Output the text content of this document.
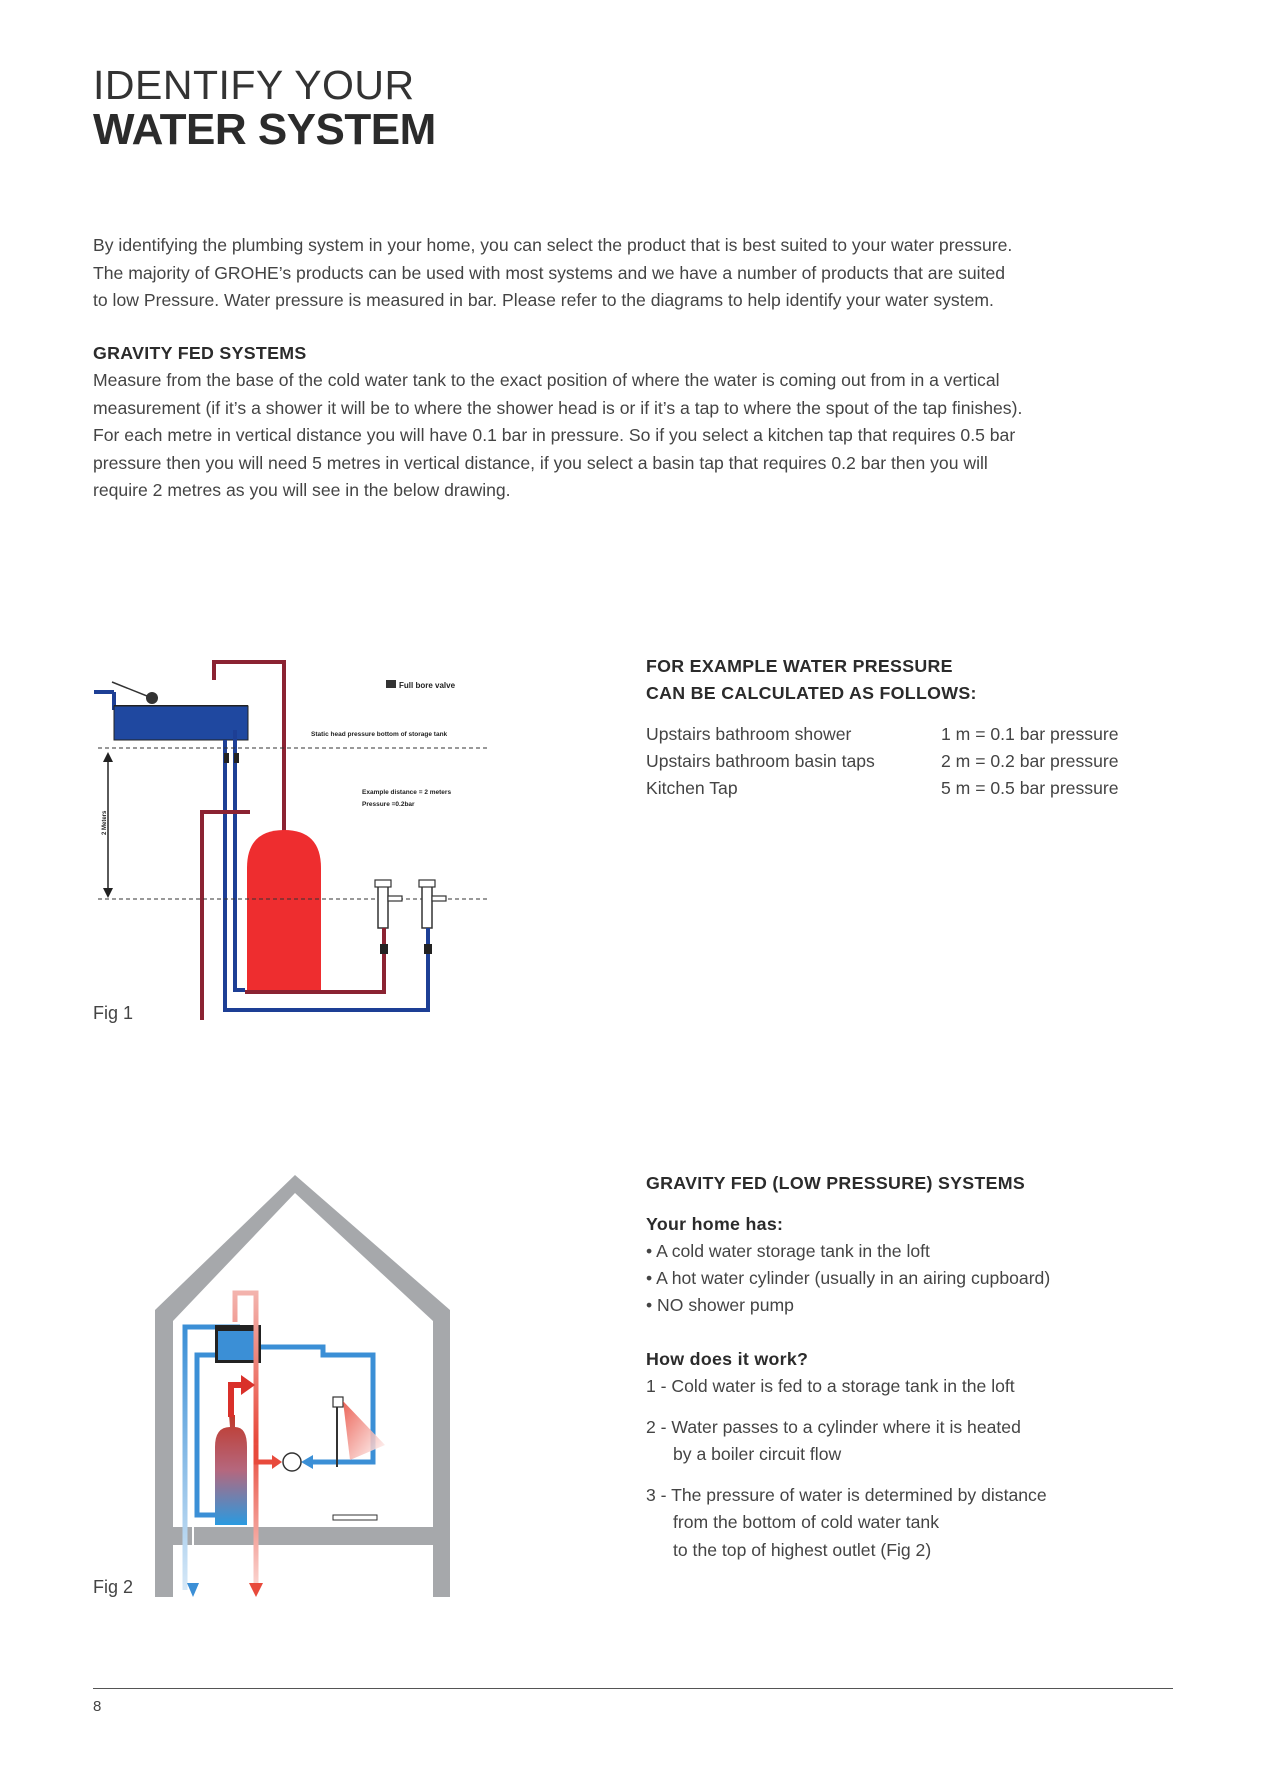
IDENTIFY YOUR
WATER SYSTEM
By identifying the plumbing system in your home, you can select the product that is best suited to your water pressure.
The majority of GROHE’s products can be used with most systems and we have a number of products that are suited
to low Pressure. Water pressure is measured in bar. Please refer to the diagrams to help identify your water system.
GRAVITY FED SYSTEMS
Measure from the base of the cold water tank to the exact position of where the water is coming out from in a vertical
measurement (if it’s a shower it will be to where the shower head is or if it’s a tap to where the spout of the tap finishes).
For each metre in vertical distance you will have 0.1 bar in pressure. So if you select a kitchen tap that requires 0.5 bar
pressure then you will need 5 metres in vertical distance, if you select a basin tap that requires 0.2 bar then you will
require 2 metres as you will see in the below drawing.
2 Meters
Full bore valve
Static head pressure bottom of storage tank
Example distance = 2 meters
Pressure =0.2bar
Fig 1
FOR EXAMPLE WATER PRESSURE
CAN BE CALCULATED AS FOLLOWS:
Upstairs bathroom shower	1 m = 0.1 bar pressure
Upstairs bathroom basin taps	2 m = 0.2 bar pressure
Kitchen Tap	5 m = 0.5 bar pressure
Fig 2
GRAVITY FED (LOW PRESSURE) SYSTEMS
Your home has:
• A cold water storage tank in the loft
• A hot water cylinder (usually in an airing cupboard)
• NO shower pump
How does it work?

1 - Cold water is fed to a storage tank in the loft

2 - Water passes to a cylinder where it is heated

by a boiler circuit flow

3 - The pressure of water is determined by distance

from the bottom of cold water tank

to the top of highest outlet (Fig 2)

8
